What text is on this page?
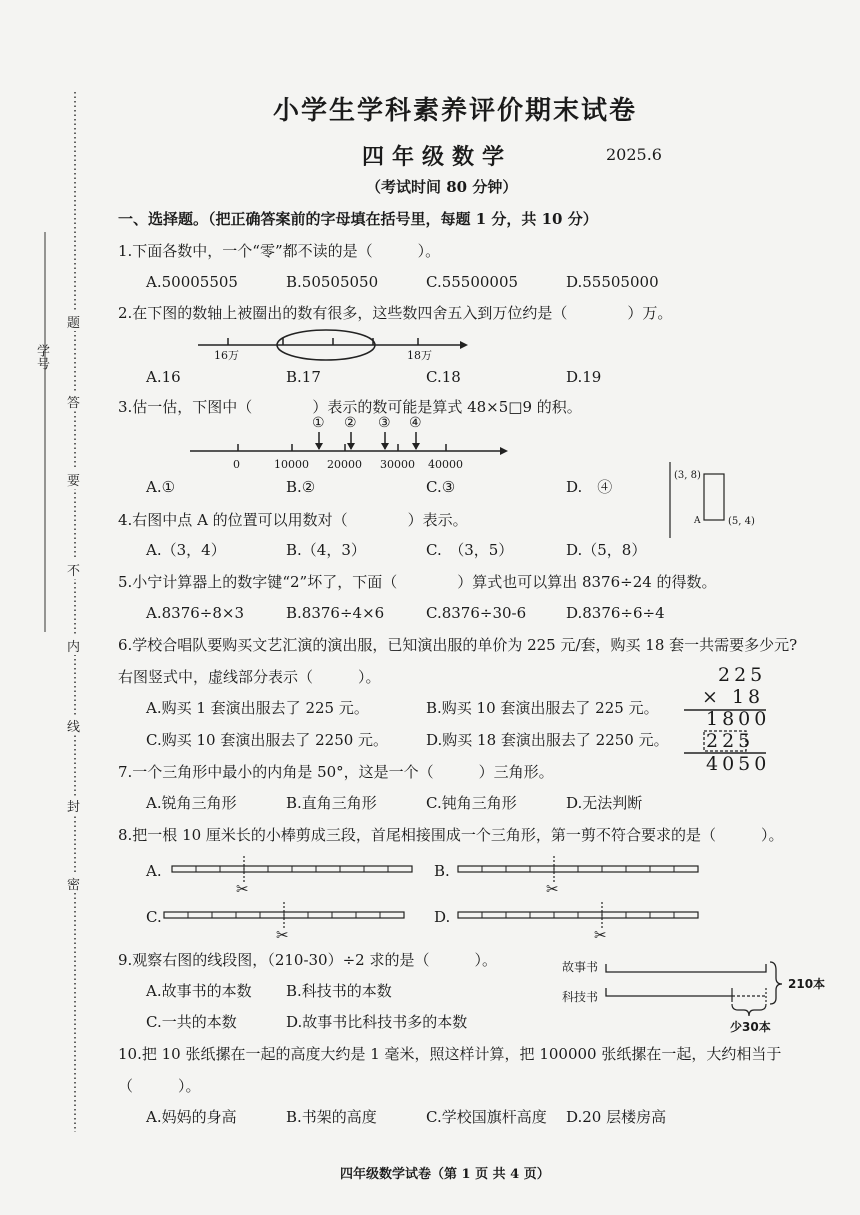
学号
题
答
要
不
内
线
封
密
小学生学科素养评价期末试卷
四年级数学	2025.6
（考试时间 80 分钟）
一、选择题。（把正确答案前的字母填在括号里，每题 1 分，共 10 分）
1.下面各数中，一个“零”都不读的是（　　　）。
A.50005505	B.50505050	C.55500005	D.55505000
2.在下图的数轴上被圈出的数有很多，这些数四舍五入到万位约是（　　　　）万。
16万	18万
A.16	B.17	C.18	D.19
3.估一估，下图中（　　　　）表示的数可能是算式 48×5□9 的积。
① ② ③ ④
0	10000 20000 30000 40000
A.①	B.②	C.③	D.　④
(3, 8)
A	(5, 4)
4.右图中点 A 的位置可以用数对（　　　　）表示。
A.（3，4）	B.（4，3）	C.　（3，5）	D.（5，8）
5.小宁计算器上的数字键“2”坏了，下面（　　　　）算式也可以算出 8376÷24 的得数。
A.8376÷8×3	B.8376÷4×6	C.8376÷30-6	D.8376÷6÷4
6.学校合唱队要购买文艺汇演的演出服，已知演出服的单价为 225 元/套，购买 18 套一共需要多少元?
右图竖式中，虚线部分表示（　　　）。
A.购买 1 套演出服去了 225 元。	B.购买 10 套演出服去了 225 元。
C.购买 10 套演出服去了 2250 元。	D.购买 18 套演出服去了 2250 元。
225
× 18
1800
225
4050
7.一个三角形中最小的内角是 50°，这是一个（　　　）三角形。
A.锐角三角形	B.直角三角形	C.钝角三角形	D.无法判断
8.把一根 10 厘米长的小棒剪成三段，首尾相接围成一个三角形，第一剪不符合要求的是（　　　）。
A.	B.
C.	D.
✂	✂
✂	✂
9.观察右图的线段图，（210-30）÷2 求的是（　　　）。
A.故事书的本数 B.科技书的本数
C.一共的本数	D.故事书比科技书多的本数
故事书
科技书
210本
少30本
10.把 10 张纸摞在一起的高度大约是 1 毫米，照这样计算，把 100000 张纸摞在一起，大约相当于
（　　　）。
A.妈妈的身高	B.书架的高度	C.学校国旗杆高度 D.20 层楼房高
四年级数学试卷（第 1 页 共 4 页）
